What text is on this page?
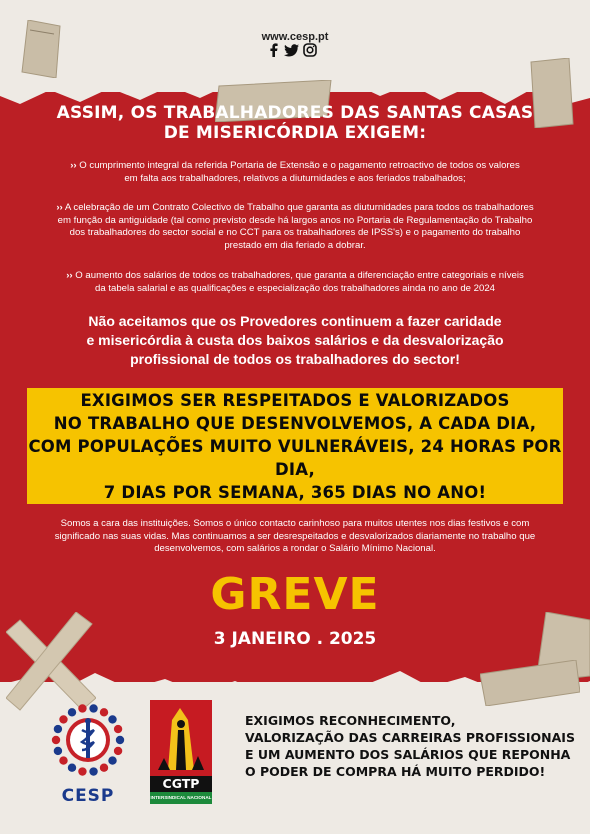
www.cesp.pt
ASSIM, OS TRABALHADORES DAS SANTAS CASAS
DE MISERICÓRDIA EXIGEM:
›› O cumprimento integral da referida Portaria de Extensão e o pagamento retroactivo de todos os valores
em falta aos trabalhadores, relativos a diuturnidades e aos feriados trabalhados;
›› A celebração de um Contrato Colectivo de Trabalho que garanta as diuturnidades para todos os trabalhadores
em função da antiguidade (tal como previsto desde há largos anos no Portaria de Regulamentação do Trabalho
dos trabalhadores do sector social e no CCT para os trabalhadores de IPSS's) e o pagamento do trabalho
prestado em dia feriado a dobrar.
›› O aumento dos salários de todos os trabalhadores, que garanta a diferenciação entre categoriais e níveis
da tabela salarial e as qualificações e especialização dos trabalhadores ainda no ano de 2024
Não aceitamos que os Provedores continuem a fazer caridade
e misericórdia à custa dos baixos salários e da desvalorização
profissional de todos os trabalhadores do sector!
EXIGIMOS SER RESPEITADOS E VALORIZADOS
NO TRABALHO QUE DESENVOLVEMOS, A CADA DIA,
COM POPULAÇÕES MUITO VULNERÁVEIS, 24 HORAS POR DIA,
7 DIAS POR SEMANA, 365 DIAS NO ANO!
Somos a cara das instituições. Somos o único contacto carinhoso para muitos utentes nos dias festivos e com
significado nas suas vidas. Mas continuamos a ser desrespeitados e desvalorizados diariamente no trabalho que
desenvolvemos, com salários a rondar o Salário Mínimo Nacional.
GREVE
3 JANEIRO . 2025
CESP
CGTP
INTERSINDICAL NACIONAL
EXIGIMOS RECONHECIMENTO,
VALORIZAÇÃO DAS CARREIRAS PROFISSIONAIS
E UM AUMENTO DOS SALÁRIOS QUE REPONHA
O PODER DE COMPRA HÁ MUITO PERDIDO!
